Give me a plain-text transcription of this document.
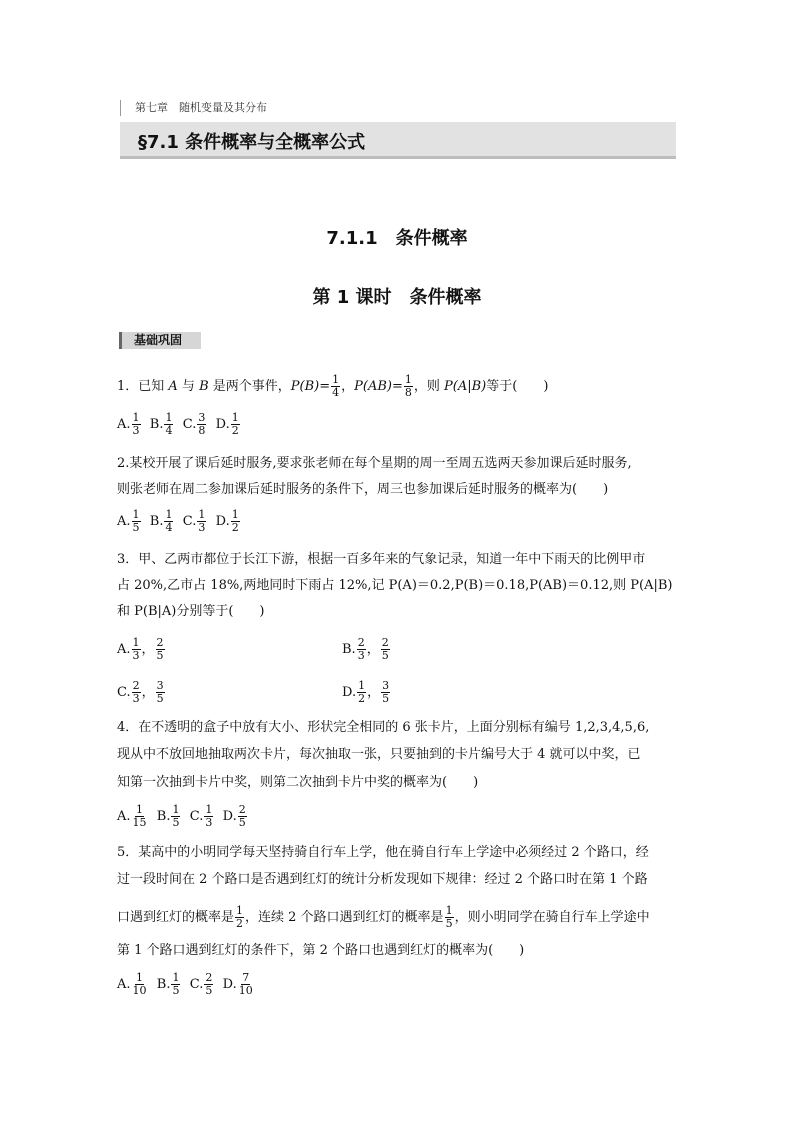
第七章　随机变量及其分布
§7.1 条件概率与全概率公式
7.1.1　条件概率
第 1 课时　条件概率
基础巩固
1．已知 A 与 B 是两个事件，$P(B)= \frac{1}{4}$ ，$P(AB)= \frac{1}{8}$ ，则 P(A|B)等于(　　)
A. $\frac{1}{3} B$. $\frac{1}{4} C$. $\frac{3}{8} D$. $\frac{1}{2}$
2.某校开展了课后延时服务,要求张老师在每个星期的周一至周五选两天参加课后延时服务,
则张老师在周二参加课后延时服务的条件下，周三也参加课后延时服务的概率为(　　)
A. $\frac{1}{5} B$. $\frac{1}{4} C$. $\frac{1}{3} D$. $\frac{1}{2}$
3．甲、乙两市都位于长江下游，根据一百多年来的气象记录，知道一年中下雨天的比例甲市
占 20%,乙市占 18%,两地同时下雨占 12%,记 P(A)＝0.2,P(B)＝0.18,P(AB)＝0.12,则 P(A|B)
和 P(B|A)分别等于(　　)
A. $\frac{1}{3}$ ， $\frac{2}{5}$	B. $\frac{2}{3}$ ， $\frac{2}{5}$
C. $\frac{2}{3}$ ， $\frac{3}{5}$	D. $\frac{1}{2}$ ， $\frac{3}{5}$
4．在不透明的盒子中放有大小、形状完全相同的 6 张卡片，上面分别标有编号 1,2,3,4,5,6,
现从中不放回地抽取两次卡片，每次抽取一张，只要抽到的卡片编号大于 4 就可以中奖，已
知第一次抽到卡片中奖，则第二次抽到卡片中奖的概率为(　　)
A. $\frac{1}{15} B$. $\frac{1}{5} C$. $\frac{1}{3} D$. $\frac{2}{5}$
5．某高中的小明同学每天坚持骑自行车上学，他在骑自行车上学途中必须经过 2 个路口，经
过一段时间在 2 个路口是否遇到红灯的统计分析发现如下规律：经过 2 个路口时在第 1 个路
口遇到红灯的概率是 $\frac{1}{2}$ ，连续 2 个路口遇到红灯的概率是 $\frac{1}{5}$ ，则小明同学在骑自行车上学途中
第 1 个路口遇到红灯的条件下，第 2 个路口也遇到红灯的概率为(　　)
A. $\frac{1}{10} B$. $\frac{1}{5} C$. $\frac{2}{5} D$. $\frac{7}{10}$
